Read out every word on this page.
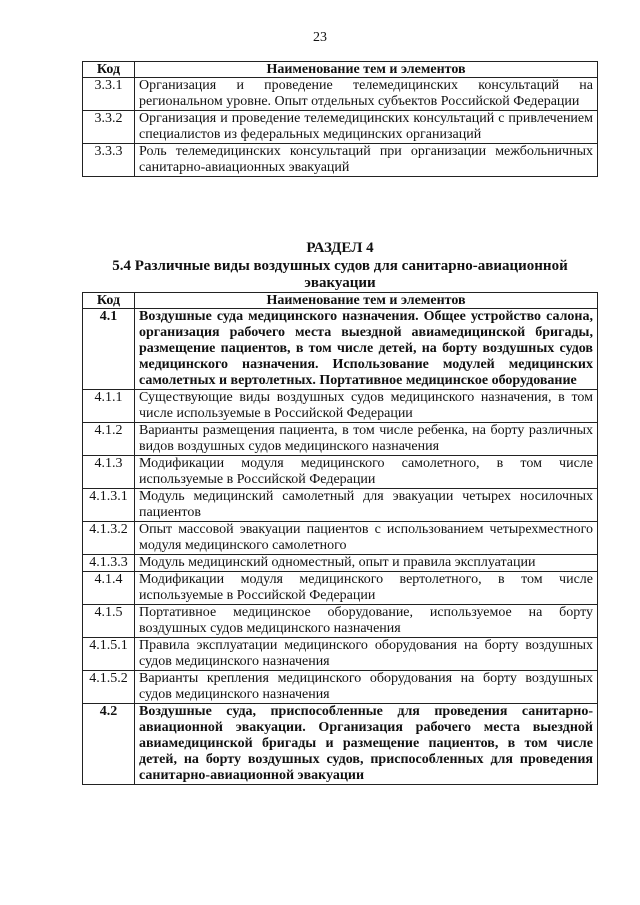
23
Код	Наименование тем и элементов
3.3.1	Организация и проведение телемедицинских консультаций на региональном уровне. Опыт отдельных субъектов Российской Федерации
3.3.2	Организация и проведение телемедицинских консультаций с привлечением специалистов из федеральных медицинских организаций
3.3.3	Роль телемедицинских консультаций при организации межбольничных санитарно-авиационных эвакуаций
РАЗДЕЛ 4
5.4 Различные виды воздушных судов для санитарно-авиационной эвакуации
Код	Наименование тем и элементов
4.1	Воздушные суда медицинского назначения. Общее устройство салона, организация рабочего места выездной авиамедицинской бригады, размещение пациентов, в том числе детей, на борту воздушных судов медицинского назначения. Использование модулей медицинских самолетных и вертолетных. Портативное медицинское оборудование
4.1.1	Существующие виды воздушных судов медицинского назначения, в том числе используемые в Российской Федерации
4.1.2	Варианты размещения пациента, в том числе ребенка, на борту различных видов воздушных судов медицинского назначения
4.1.3	Модификации модуля медицинского самолетного, в том числе используемые в Российской Федерации
4.1.3.1	Модуль медицинский самолетный для эвакуации четырех носилочных пациентов
4.1.3.2	Опыт массовой эвакуации пациентов с использованием четырехместного модуля медицинского самолетного
4.1.3.3	Модуль медицинский одноместный, опыт и правила эксплуатации
4.1.4	Модификации модуля медицинского вертолетного, в том числе используемые в Российской Федерации
4.1.5	Портативное медицинское оборудование, используемое на борту воздушных судов медицинского назначения
4.1.5.1	Правила эксплуатации медицинского оборудования на борту воздушных судов медицинского назначения
4.1.5.2	Варианты крепления медицинского оборудования на борту воздушных судов медицинского назначения
4.2	Воздушные суда, приспособленные для проведения санитарно-авиационной эвакуации. Организация рабочего места выездной авиамедицинской бригады и размещение пациентов, в том числе детей, на борту воздушных судов, приспособленных для проведения санитарно-авиационной эвакуации
